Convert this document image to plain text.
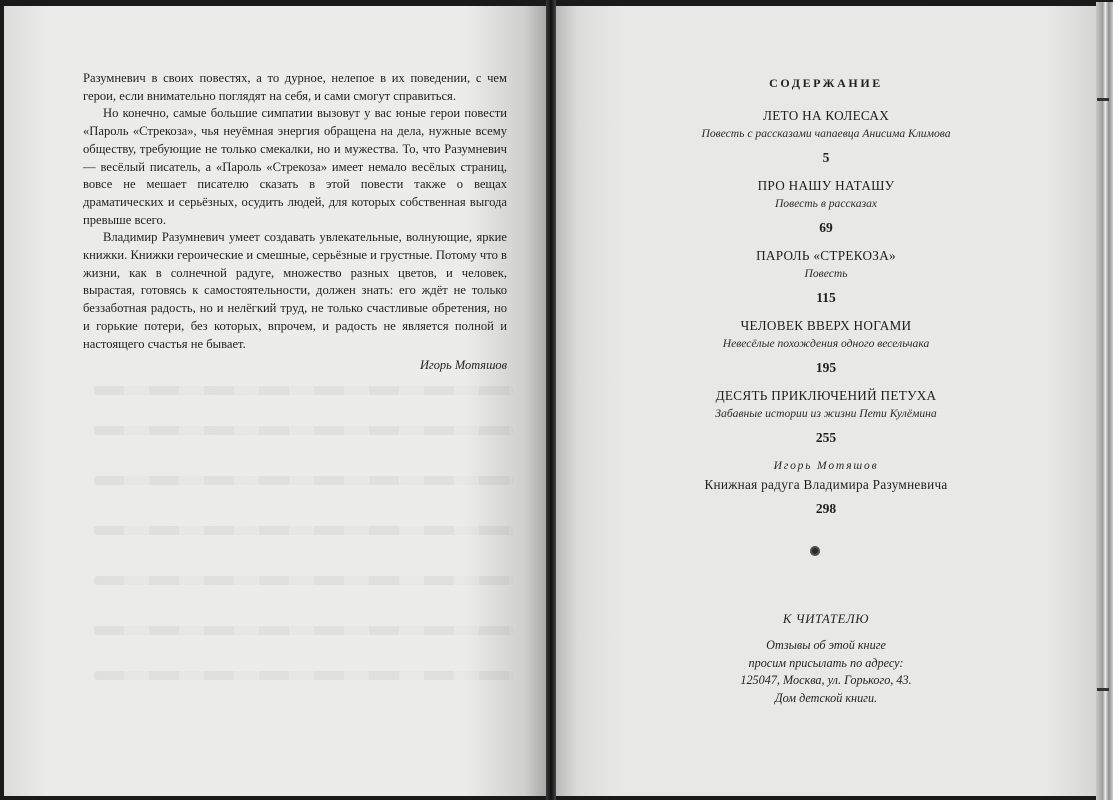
Разумневич в своих повестях, а то дурное, нелепое в их поведении, с чем герои, если внимательно поглядят на себя, и сами смогут справиться.

Но конечно, самые большие симпатии вызовут у вас юные герои повести «Пароль «Стрекоза», чья неуёмная энергия обращена на дела, нужные всему обществу, требующие не только смекалки, но и мужества. То, что Разумневич — весёлый писатель, а «Пароль «Стрекоза» имеет немало весёлых страниц, вовсе не мешает писателю сказать в этой повести также о вещах драматических и серьёзных, осудить людей, для которых собственная выгода превыше всего.

Владимир Разумневич умеет создавать увлекательные, волнующие, яркие книжки. Книжки героические и смешные, серьёзные и грустные. Потому что в жизни, как в солнечной радуге, множество разных цветов, и человек, вырастая, готовясь к самостоятельности, должен знать: его ждёт не только беззаботная радость, но и нелёгкий труд, не только счастливые обретения, но и горькие потери, без которых, впрочем, и радость не является полной и настоящего счастья не бывает.

Игорь Мотяшов
СОДЕРЖАНИЕ
ЛЕТО НА КОЛЕСАХ
Повесть с рассказами чапаевца Анисима Климова
5
ПРО НАШУ НАТАШУ
Повесть в рассказах
69
ПАРОЛЬ «СТРЕКОЗА»
Повесть
115
ЧЕЛОВЕК ВВЕРХ НОГАМИ
Невесёлые похождения одного весельчака
195
ДЕСЯТЬ ПРИКЛЮЧЕНИЙ ПЕТУХА
Забавные истории из жизни Пети Кулёмина
255
Игорь Мотяшов
Книжная радуга Владимира Разумневича
298
К ЧИТАТЕЛЮ
Отзывы об этой книге
просим присылать по адресу:
125047, Москва, ул. Горького, 43.
Дом детской книги.
